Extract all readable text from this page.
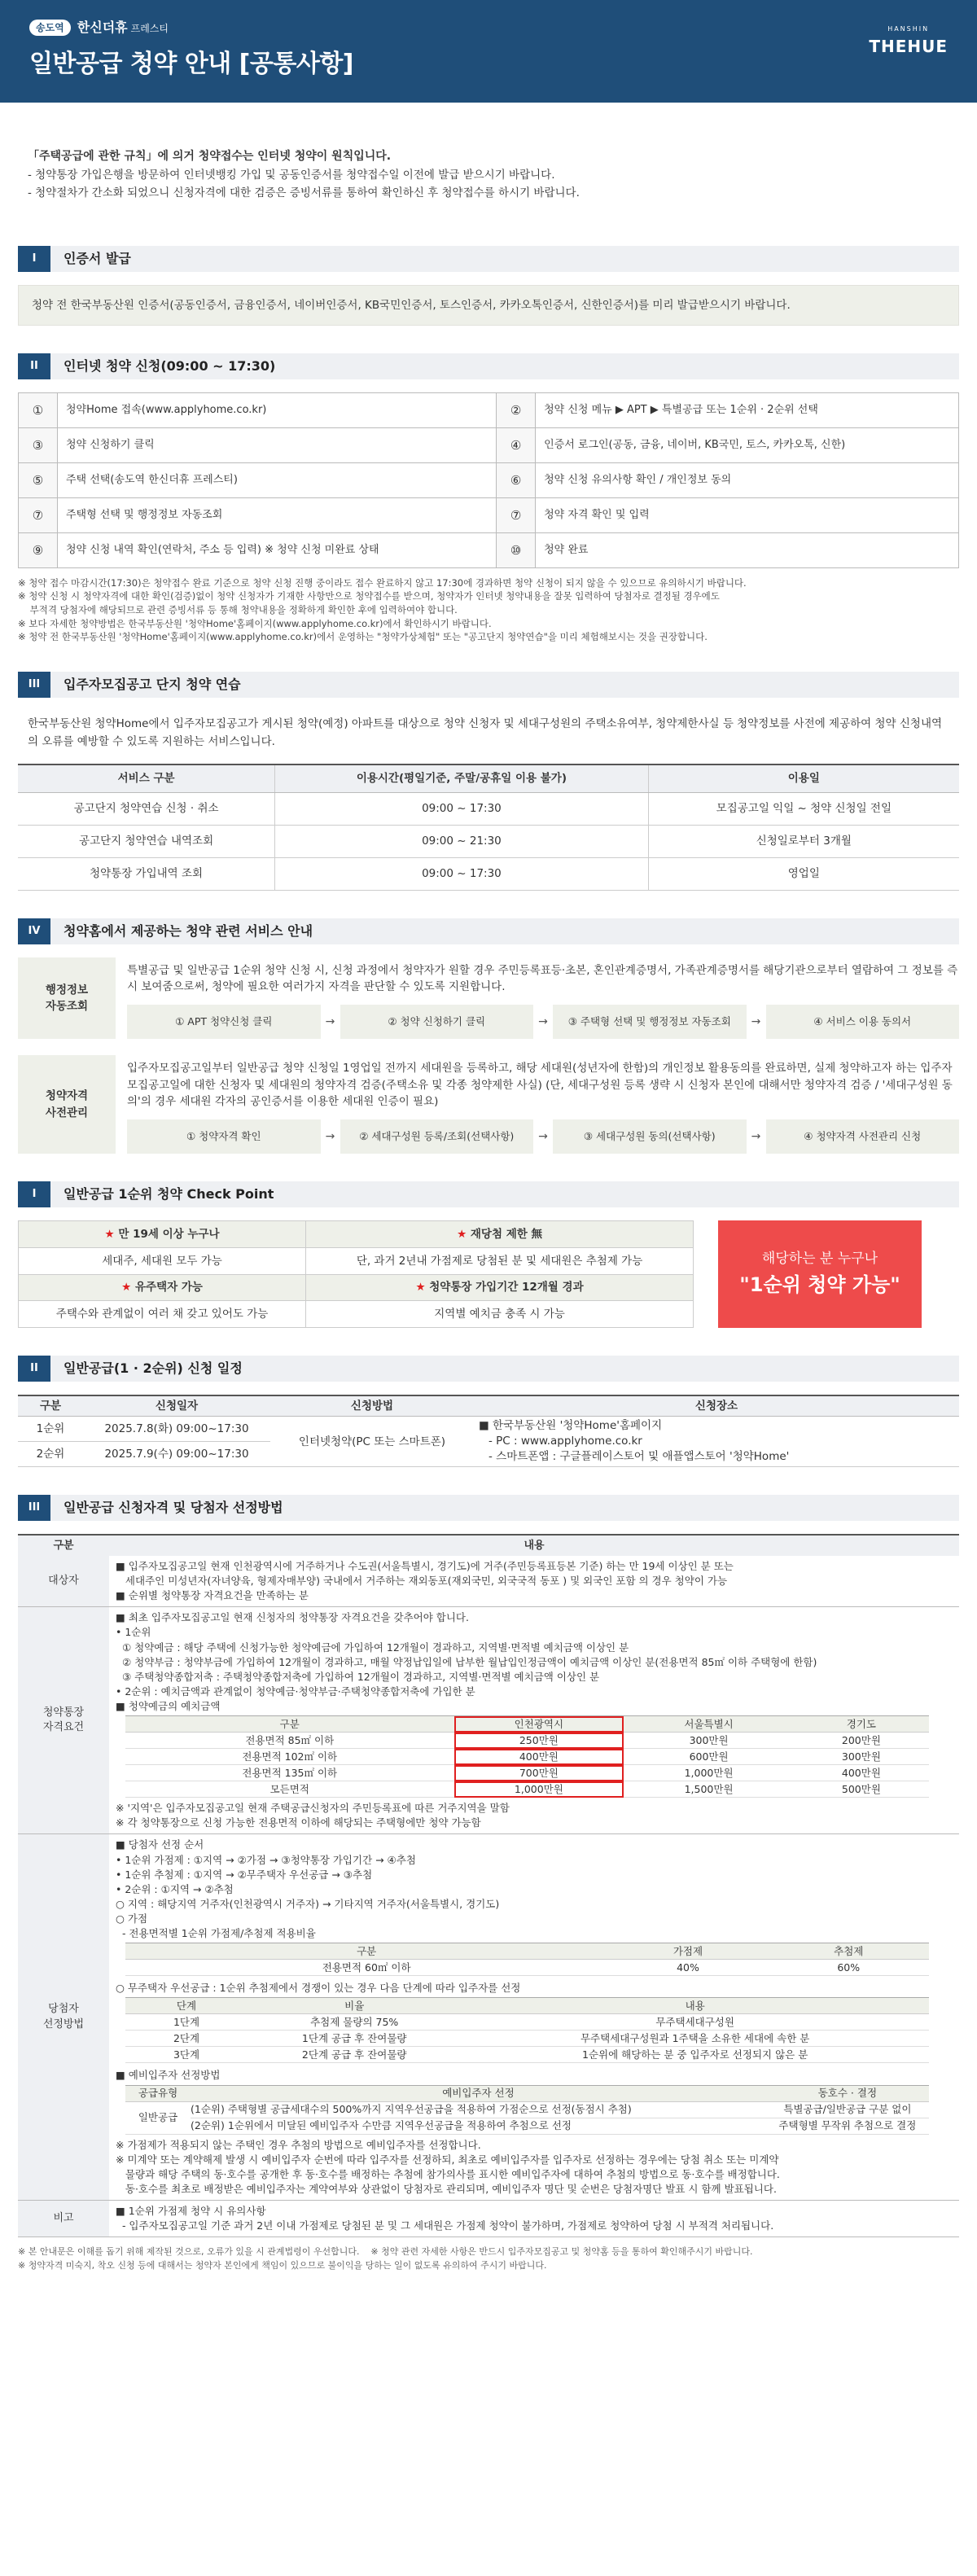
송도역	한신더휴 프레스티
일반공급 청약 안내 [공통사항]
HANSHIN
THEHUE

「주택공급에 관한 규칙」에 의거 청약접수는 인터넷 청약이 원칙입니다.

- 청약통장 가입은행을 방문하여 인터넷뱅킹 가입 및 공동인증서를 청약접수일 이전에 발급 받으시기 바랍니다.

- 청약절차가 간소화 되었으니 신청자격에 대한 검증은 증빙서류를 통하여 확인하신 후 청약접수를 하시기 바랍니다.

I	인증서 발급
청약 전 한국부동산원 인증서(공동인증서, 금융인증서, 네이버인증서, KB국민인증서, 토스인증서, 카카오톡인증서, 신한인증서)를 미리 발급받으시기 바랍니다.
II	인터넷 청약 신청(09:00 ~ 17:30)
①	청약Home 접속(www.applyhome.co.kr)	②	청약 신청 메뉴 ▶ APT ▶ 특별공급 또는 1순위 · 2순위 선택
③	청약 신청하기 클릭	④	인증서 로그인(공동, 금융, 네이버, KB국민, 토스, 카카오톡, 신한)
⑤	주택 선택(송도역 한신더휴 프레스티)	⑥	청약 신청 유의사항 확인 / 개인정보 동의
⑦	주택형 선택 및 행정정보 자동조회	⑦	청약 자격 확인 및 입력
⑨	청약 신청 내역 확인(연락처, 주소 등 입력) ※ 청약 신청 미완료 상태	⑩	청약 완료
※ 청약 접수 마감시간(17:30)은 청약접수 완료 기준으로 청약 신청 진행 중이라도 접수 완료하지 않고 17:30에 경과하면 청약 신청이 되지 않을 수 있으므로 유의하시기 바랍니다.
※ 청약 신청 시 청약자격에 대한 확인(검증)없이 청약 신청자가 기재한 사항만으로 청약접수를 받으며, 청약자가 인터넷 청약내용을 잘못 입력하여 당첨자로 결정될 경우에도
부적격 당첨자에 해당되므로 관련 증빙서류 등 통해 청약내용을 정확하게 확인한 후에 입력하여야 합니다.
※ 보다 자세한 청약방법은 한국부동산원 '청약Home'홈페이지(www.applyhome.co.kr)에서 확인하시기 바랍니다.
※ 청약 전 한국부동산원 '청약Home'홈페이지(www.applyhome.co.kr)에서 운영하는 "청약가상체험" 또는 "공고단지 청약연습"을 미리 체험해보시는 것을 권장합니다.
III	입주자모집공고 단지 청약 연습
한국부동산원 청약Home에서 입주자모집공고가 게시된 청약(예정) 아파트를 대상으로 청약 신청자 및 세대구성원의 주택소유여부, 청약제한사실 등 청약정보를 사전에 제공하여 청약 신청내역의 오류를 예방할 수 있도록 지원하는 서비스입니다.
서비스 구분	이용시간(평일기준, 주말/공휴일 이용 불가)	이용일
공고단지 청약연습 신청 · 취소	09:00 ~ 17:30	모집공고일 익일 ~ 청약 신청일 전일
공고단지 청약연습 내역조회	09:00 ~ 21:30	신청일로부터 3개월
청약통장 가입내역 조회	09:00 ~ 17:30	영업일
IV	청약홈에서 제공하는 청약 관련 서비스 안내
행정정보
자동조회
특별공급 및 일반공급 1순위 청약 신청 시, 신청 과정에서 청약자가 원할 경우 주민등록표등·초본, 혼인관계증명서, 가족관계증명서를 해당기관으로부터 열람하여 그 정보를 즉시 보여줌으로써, 청약에 필요한 여러가지 자격을 판단할 수 있도록 지원합니다.
① APT 청약신청 클릭	→	② 청약 신청하기 클릭	→	③ 주택형 선택 및 행정정보 자동조회	→	④ 서비스 이용 동의서
청약자격
사전관리
입주자모집공고일부터 일반공급 청약 신청일 1영업일 전까지 세대원을 등록하고, 해당 세대원(성년자에 한함)의 개인정보 활용동의를 완료하면, 실제 청약하고자 하는 입주자모집공고일에 대한 신청자 및 세대원의 청약자격 검증(주택소유 및 각종 청약제한 사실) (단, 세대구성원 등록 생략 시 신청자 본인에 대해서만 청약자격 검증 / '세대구성원 동의'의 경우 세대원 각자의 공인증서를 이용한 세대원 인증이 필요)
① 청약자격 확인	→	② 세대구성원 등록/조회(선택사항)	→	③ 세대구성원 동의(선택사항)	→	④ 청약자격 사전관리 신청
I	일반공급 1순위 청약 Check Point
★ 만 19세 이상 누구나	★ 재당첨 제한 無
세대주, 세대원 모두 가능	단, 과거 2년내 가점제로 당첨된 분 및 세대원은 추첨제 가능
★ 유주택자 가능	★ 청약통장 가입기간 12개월 경과
주택수와 관계없이 여러 채 갖고 있어도 가능	지역별 예치금 충족 시 가능
해당하는 분 누구나
"1순위 청약 가능"
II	일반공급(1 · 2순위) 신청 일정
구분	신청일자	신청방법	신청장소
1순위	2025.7.8(화) 09:00~17:30	인터넷청약(PC 또는 스마트폰)	■ 한국부동산원 '청약Home'홈페이지
- PC : www.applyhome.co.kr
- 스마트폰앱 : 구글플레이스토어 및 애플앱스토어 '청약Home'

2순위	2025.7.9(수) 09:00~17:30		
III	일반공급 신청자격 및 당첨자 선정방법
구분	내용
대상자	
■ 입주자모집공고일 현재 인천광역시에 거주하거나 수도권(서울특별시, 경기도)에 거주(주민등록표등본 기준) 하는 만 19세 이상인 분 또는
세대주인 미성년자(자녀양육, 형제자매부양) 국내에서 거주하는 재외동포(재외국민, 외국국적 동포 ) 및 외국인 포함 의 경우 청약이 가능
■ 순위별 청약통장 자격요건을 만족하는 분

청약통장
자격요건	
■ 최초 입주자모집공고일 현재 신청자의 청약통장 자격요건을 갖추어야 합니다.
• 1순위
① 청약예금 : 해당 주택에 신청가능한 청약예금에 가입하여 12개월이 경과하고, 지역별·면적별 예치금액 이상인 분
② 청약부금 : 청약부금에 가입하여 12개월이 경과하고, 매월 약정납입일에 납부한 월납입인정금액이 예치금액 이상인 분(전용면적 85㎡ 이하 주택형에 한함)
③ 주택청약종합저축 : 주택청약종합저축에 가입하여 12개월이 경과하고, 지역별·면적별 예치금액 이상인 분
• 2순위 : 예치금액과 관계없이 청약예금·청약부금·주택청약종합저축에 가입한 분
■ 청약예금의 예치금액
구분	인천광역시	서울특별시	경기도
전용면적 85㎡ 이하	250만원	300만원	200만원
전용면적 102㎡ 이하	400만원	600만원	300만원
전용면적 135㎡ 이하	700만원	1,000만원	400만원
모든면적	1,000만원	1,500만원	500만원
※ '지역'은 입주자모집공고일 현재 주택공급신청자의 주민등록표에 따른 거주지역을 말함
※ 각 청약통장으로 신청 가능한 전용면적 이하에 해당되는 주택형에만 청약 가능함

당첨자
선정방법	
■ 당첨자 선정 순서
• 1순위 가점제 : ①지역 → ②가점 → ③청약통장 가입기간 → ④추첨
• 1순위 추첨제 : ①지역 → ②무주택자 우선공급 → ③추첨
• 2순위 : ①지역 → ②추첨
○ 지역 : 해당지역 거주자(인천광역시 거주자) → 기타지역 거주자(서울특별시, 경기도)
○ 가점
- 전용면적별 1순위 가점제/추첨제 적용비율
구분	가점제	추첨제
전용면적 60㎡ 이하	40%	60%
○ 무주택자 우선공급 : 1순위 추첨제에서 경쟁이 있는 경우 다음 단계에 따라 입주자를 선정
단계	비율	내용
1단계	추첨제 물량의 75%	무주택세대구성원
2단계	1단계 공급 후 잔여물량	무주택세대구성원과 1주택을 소유한 세대에 속한 분
3단계	2단계 공급 후 잔여물량	1순위에 해당하는 분 중 입주자로 선정되지 않은 분
■ 예비입주자 선정방법
공급유형	예비입주자 선정	동호수 · 결정
일반공급	(1순위) 주택형별 공급세대수의 500%까지 지역우선공급을 적용하여 가점순으로 선정(동점시 추첨)	특별공급/일반공급 구분 없이
(2순위) 1순위에서 미달된 예비입주자 수만큼 지역우선공급을 적용하여 추첨으로 선정	주택형별 무작위 추첨으로 결정
※ 가점제가 적용되지 않는 주택인 경우 추첨의 방법으로 예비입주자를 선정합니다.
※ 미계약 또는 계약해제 발생 시 예비입주자 순번에 따라 입주자를 선정하되, 최초로 예비입주자를 입주자로 선정하는 경우에는 당첨 취소 또는 미계약
물량과 해당 주택의 동·호수를 공개한 후 동·호수를 배정하는 추첨에 참가의사를 표시한 예비입주자에 대하여 추첨의 방법으로 동·호수를 배정합니다.
동·호수를 최초로 배정받은 예비입주자는 계약여부와 상관없이 당첨자로 관리되며, 예비입주자 명단 및 순번은 당첨자명단 발표 시 함께 발표됩니다.

비고	
■ 1순위 가점제 청약 시 유의사항
- 입주자모집공고일 기준 과거 2년 이내 가점제로 당첨된 분 및 그 세대원은 가점제 청약이 불가하며, 가점제로 청약하여 당첨 시 부적격 처리됩니다.
※ 본 안내문은 이해를 돕기 위해 제작된 것으로, 오류가 있을 시 관계법령이 우선합니다.    ※ 청약 관련 자세한 사항은 반드시 입주자모집공고 및 청약홈 등을 통하여 확인해주시기 바랍니다.
※ 청약자격 미숙지, 착오 신청 등에 대해서는 청약자 본인에게 책임이 있으므로 불이익을 당하는 일이 없도록 유의하여 주시기 바랍니다.
